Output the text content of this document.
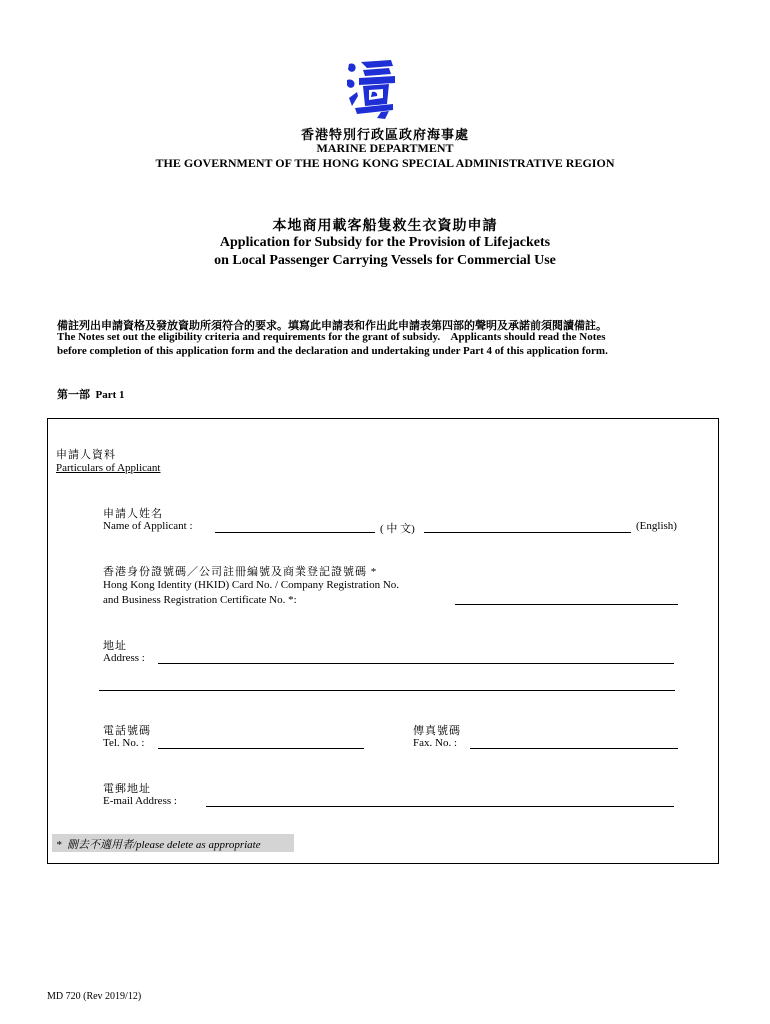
香港特別行政區政府海事處
MARINE DEPARTMENT
THE GOVERNMENT OF THE HONG KONG SPECIAL ADMINISTRATIVE REGION
本地商用載客船隻救生衣資助申請
Application for Subsidy for the Provision of Lifejackets
on Local Passenger Carrying Vessels for Commercial Use
備註列出申請資格及發放資助所須符合的要求。填寫此申請表和作出此申請表第四部的聲明及承諾前須閱讀備註。
The Notes set out the eligibility criteria and requirements for the grant of subsidy.    Applicants should read the Notes
before completion of this application form and the declaration and undertaking under Part 4 of this application form.
第一部  Part 1
申請人資料
Particulars of Applicant
申請人姓名
Name of Applicant :	( 中 文)	(English)
香港身份證號碼／公司註冊編號及商業登記證號碼 *
Hong Kong Identity (HKID) Card No. / Company Registration No.
and Business Registration Certificate No. *:
地址
Address :
電話號碼
Tel. No. :
傳真號碼
Fax. No. :
電郵地址
E-mail Address :
*  刪去不適用者/please delete as appropriate
MD 720 (Rev 2019/12)
